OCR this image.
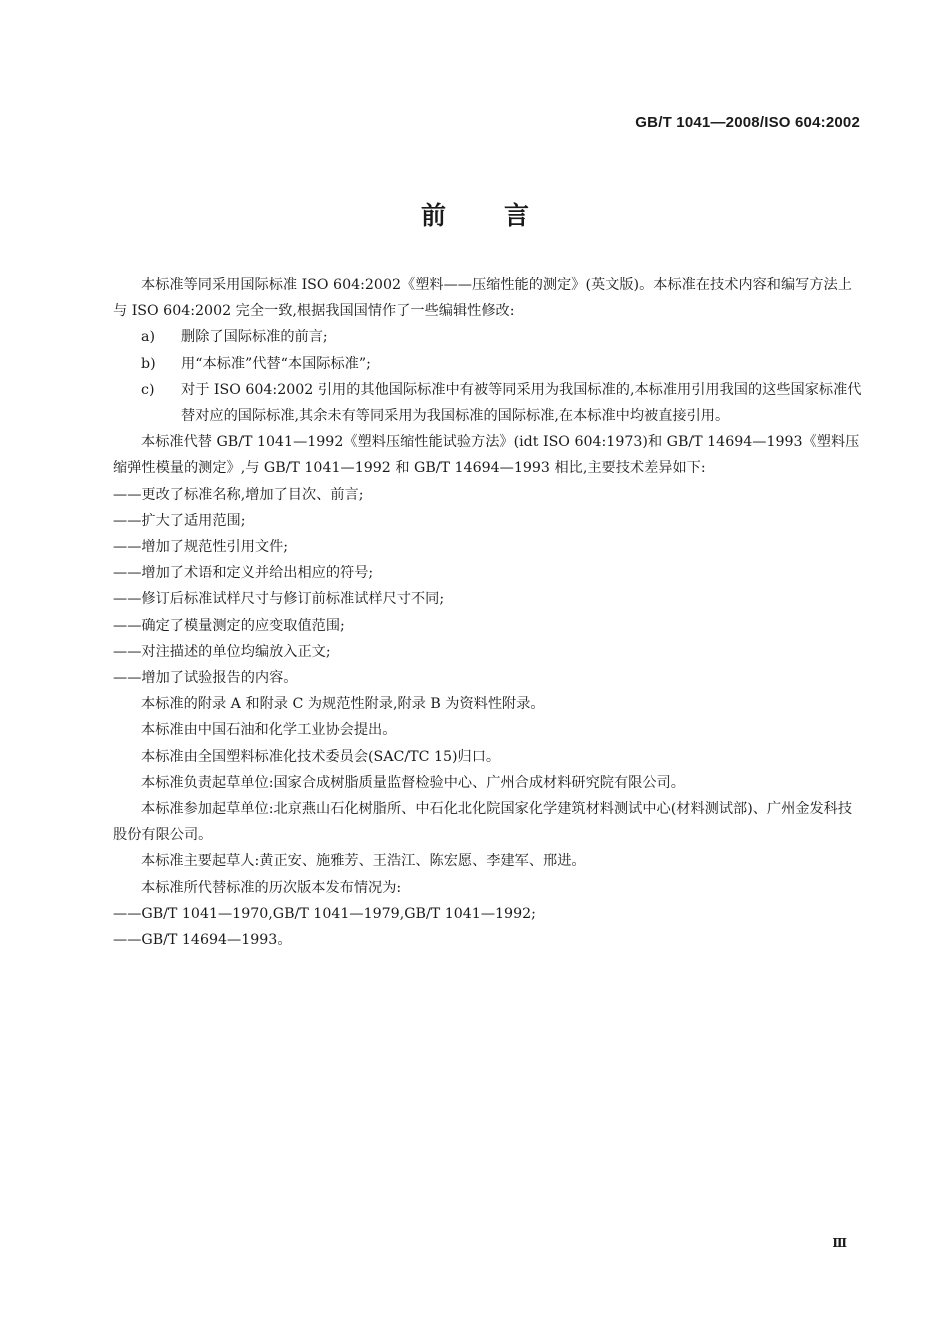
GB/T 1041—2008/ISO 604:2002
前言

本标准等同采用国际标准 ISO 604:2002《塑料——压缩性能的测定》(英文版)。本标准在技术内容和编写方法上与 ISO 604:2002 完全一致,根据我国国情作了一些编辑性修改:

a)	删除了国际标准的前言;
b)	用“本标准”代替“本国际标准”;
c)	对于 ISO 604:2002 引用的其他国际标准中有被等同采用为我国标准的,本标准用引用我国的这些国家标准代替对应的国际标准,其余未有等同采用为我国标准的国际标准,在本标准中均被直接引用。

本标准代替 GB/T 1041—1992《塑料压缩性能试验方法》(idt ISO 604:1973)和 GB/T 14694—1993《塑料压缩弹性模量的测定》,与 GB/T 1041—1992 和 GB/T 14694—1993 相比,主要技术差异如下:

——更改了标准名称,增加了目次、前言;

——扩大了适用范围;

——增加了规范性引用文件;

——增加了术语和定义并给出相应的符号;

——修订后标准试样尺寸与修订前标准试样尺寸不同;

——确定了模量测定的应变取值范围;

——对注描述的单位均编放入正文;

——增加了试验报告的内容。

本标准的附录 A 和附录 C 为规范性附录,附录 B 为资料性附录。

本标准由中国石油和化学工业协会提出。

本标准由全国塑料标准化技术委员会(SAC/TC 15)归口。

本标准负责起草单位:国家合成树脂质量监督检验中心、广州合成材料研究院有限公司。

本标准参加起草单位:北京燕山石化树脂所、中石化北化院国家化学建筑材料测试中心(材料测试部)、广州金发科技股份有限公司。

本标准主要起草人:黄正安、施雅芳、王浩江、陈宏愿、李建军、邢进。

本标准所代替标准的历次版本发布情况为:

——GB/T 1041—1970,GB/T 1041—1979,GB/T 1041—1992;

——GB/T 14694—1993。

Ⅲ
